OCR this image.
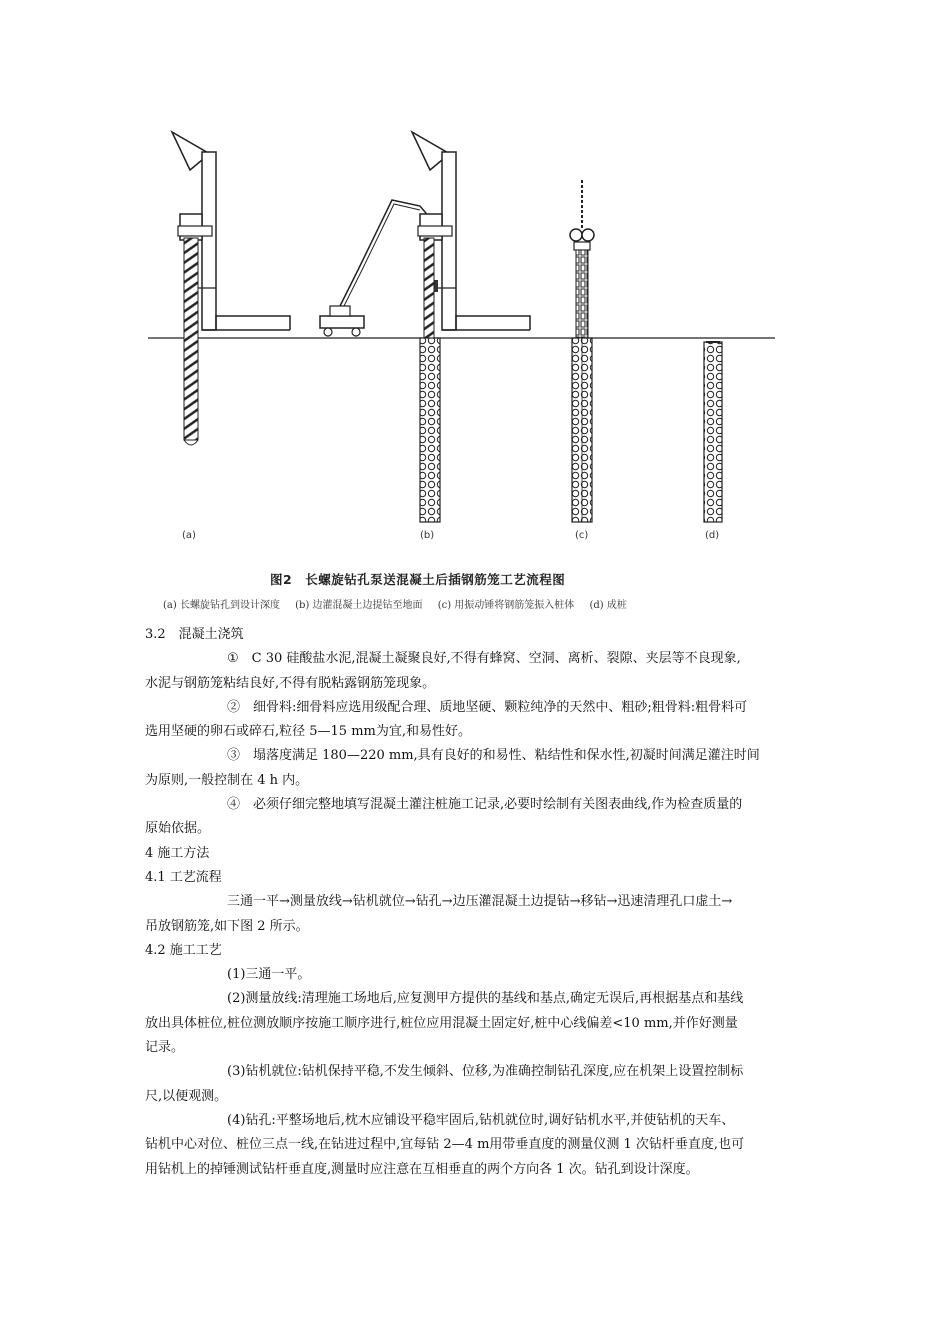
(a)	(b)	(c)	(d)
图2　长螺旋钻孔泵送混凝土后插钢筋笼工艺流程图
(a) 长螺旋钻孔到设计深度 (b) 边灌混凝土边提钻至地面 (c) 用振动锤将钢筋笼振入桩体 (d) 成桩
3.2　混凝土浇筑
①　C 30 硅酸盐水泥,混凝土凝聚良好,不得有蜂窝、空洞、离析、裂隙、夹层等不良现象,
水泥与钢筋笼粘结良好,不得有脱粘露钢筋笼现象。
②　细骨料:细骨料应选用级配合理、质地坚硬、颗粒纯净的天然中、粗砂;粗骨料:粗骨料可
选用坚硬的卵石或碎石,粒径 5—15 mm为宜,和易性好。
③　塌落度满足 180—220 mm,具有良好的和易性、粘结性和保水性,初凝时间满足灌注时间
为原则,一般控制在 4 h 内。
④　必须仔细完整地填写混凝土灌注桩施工记录,必要时绘制有关图表曲线,作为检查质量的
原始依据。
4 施工方法
4.1 工艺流程
三通一平→测量放线→钻机就位→钻孔→边压灌混凝土边提钻→移钻→迅速清理孔口虚土→
吊放钢筋笼,如下图 2 所示。
4.2 施工工艺
(1)三通一平。
(2)测量放线:清理施工场地后,应复测甲方提供的基线和基点,确定无误后,再根据基点和基线
放出具体桩位,桩位测放顺序按施工顺序进行,桩位应用混凝土固定好,桩中心线偏差<10 mm,并作好测量
记录。
(3)钻机就位:钻机保持平稳,不发生倾斜、位移,为准确控制钻孔深度,应在机架上设置控制标
尺,以便观测。
(4)钻孔:平整场地后,枕木应铺设平稳牢固后,钻机就位时,调好钻机水平,并使钻机的天车、
钻机中心对位、桩位三点一线,在钻进过程中,宜每钻 2—4 m用带垂直度的测量仪测 1 次钻杆垂直度,也可
用钻机上的掉锤测试钻杆垂直度,测量时应注意在互相垂直的两个方向各 1 次。钻孔到设计深度。
